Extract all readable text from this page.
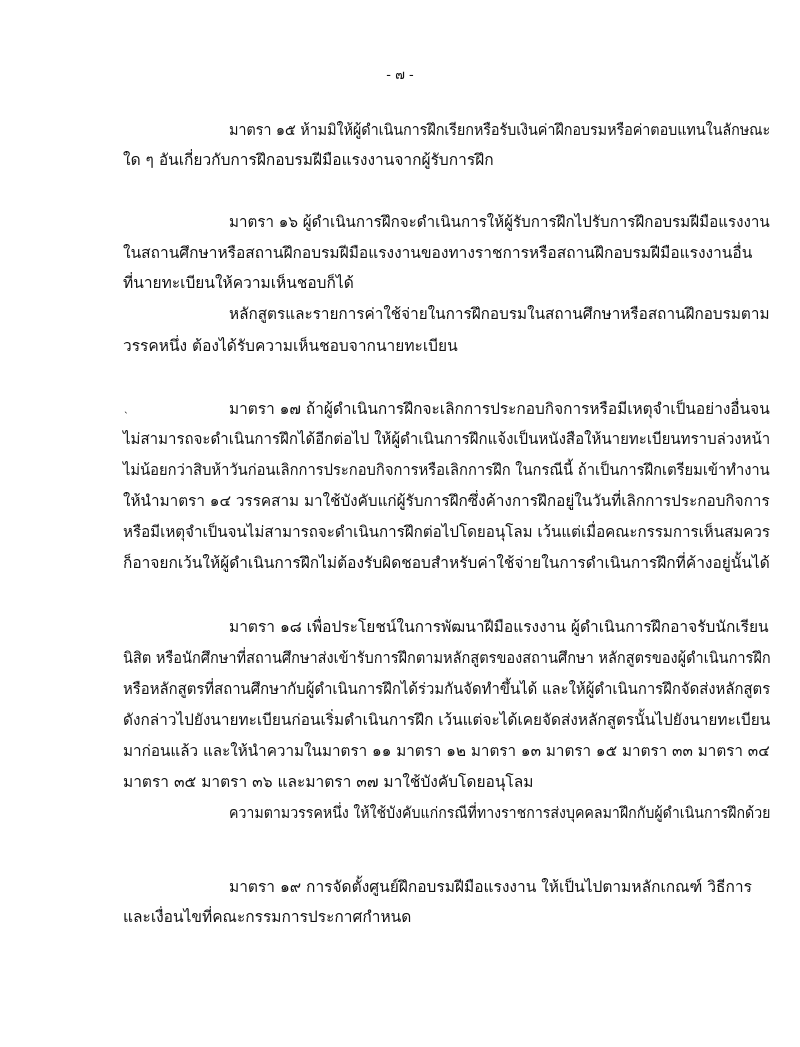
- ๗ -
˴
มาตรา ๑๕ ห้ามมิให้ผู้ดำเนินการฝึกเรียกหรือรับเงินค่าฝึกอบรมหรือค่าตอบแทนในลักษณะ
ใด ๆ อันเกี่ยวกับการฝึกอบรมฝีมือแรงงานจากผู้รับการฝึก
มาตรา ๑๖ ผู้ดำเนินการฝึกจะดำเนินการให้ผู้รับการฝึกไปรับการฝึกอบรมฝีมือแรงงาน
ในสถานศึกษาหรือสถานฝึกอบรมฝีมือแรงงานของทางราชการหรือสถานฝึกอบรมฝีมือแรงงานอื่น
ที่นายทะเบียนให้ความเห็นชอบก็ได้
หลักสูตรและรายการค่าใช้จ่ายในการฝึกอบรมในสถานศึกษาหรือสถานฝึกอบรมตาม
วรรคหนึ่ง ต้องได้รับความเห็นชอบจากนายทะเบียน
มาตรา ๑๗ ถ้าผู้ดำเนินการฝึกจะเลิกการประกอบกิจการหรือมีเหตุจำเป็นอย่างอื่นจน
ไม่สามารถจะดำเนินการฝึกได้อีกต่อไป ให้ผู้ดำเนินการฝึกแจ้งเป็นหนังสือให้นายทะเบียนทราบล่วงหน้า
ไม่น้อยกว่าสิบห้าวันก่อนเลิกการประกอบกิจการหรือเลิกการฝึก ในกรณีนี้ ถ้าเป็นการฝึกเตรียมเข้าทำงาน
ให้นำมาตรา ๑๔ วรรคสาม มาใช้บังคับแก่ผู้รับการฝึกซึ่งค้างการฝึกอยู่ในวันที่เลิกการประกอบกิจการ
หรือมีเหตุจำเป็นจนไม่สามารถจะดำเนินการฝึกต่อไปโดยอนุโลม เว้นแต่เมื่อคณะกรรมการเห็นสมควร
ก็อาจยกเว้นให้ผู้ดำเนินการฝึกไม่ต้องรับผิดชอบสำหรับค่าใช้จ่ายในการดำเนินการฝึกที่ค้างอยู่นั้นได้
มาตรา ๑๘ เพื่อประโยชน์ในการพัฒนาฝีมือแรงงาน ผู้ดำเนินการฝึกอาจรับนักเรียน
นิสิต หรือนักศึกษาที่สถานศึกษาส่งเข้ารับการฝึกตามหลักสูตรของสถานศึกษา หลักสูตรของผู้ดำเนินการฝึก
หรือหลักสูตรที่สถานศึกษากับผู้ดำเนินการฝึกได้ร่วมกันจัดทำขึ้นได้ และให้ผู้ดำเนินการฝึกจัดส่งหลักสูตร
ดังกล่าวไปยังนายทะเบียนก่อนเริ่มดำเนินการฝึก เว้นแต่จะได้เคยจัดส่งหลักสูตรนั้นไปยังนายทะเบียน
มาก่อนแล้ว และให้นำความในมาตรา ๑๑ มาตรา ๑๒ มาตรา ๑๓ มาตรา ๑๕ มาตรา ๓๓ มาตรา ๓๔
มาตรา ๓๕ มาตรา ๓๖ และมาตรา ๓๗ มาใช้บังคับโดยอนุโลม
ความตามวรรคหนึ่ง ให้ใช้บังคับแก่กรณีที่ทางราชการส่งบุคคลมาฝึกกับผู้ดำเนินการฝึกด้วย
มาตรา ๑๙ การจัดตั้งศูนย์ฝึกอบรมฝีมือแรงงาน ให้เป็นไปตามหลักเกณฑ์ วิธีการ
และเงื่อนไขที่คณะกรรมการประกาศกำหนด
